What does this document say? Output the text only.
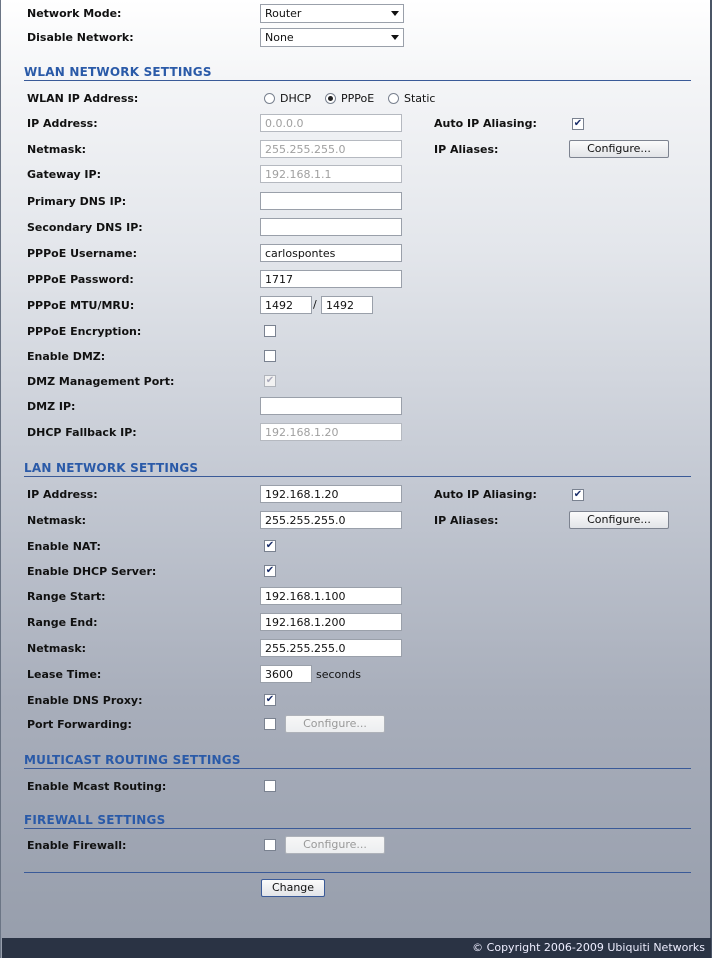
Network Mode:	Router
Disable Network:	None
WLAN NETWORK SETTINGS
WLAN IP Address:	DHCP	PPPoE	Static
IP Address:	0.0.0.0	Auto IP Aliasing:	✔
Netmask:	255.255.255.0	IP Aliases:	Configure...
Gateway IP:	192.168.1.1
Primary DNS IP:
Secondary DNS IP:
PPPoE Username:	carlospontes
PPPoE Password:	1717
PPPoE MTU/MRU:	1492	/ 1492
PPPoE Encryption:
Enable DMZ:
DMZ Management Port:	✔
DMZ IP:
DHCP Fallback IP:	192.168.1.20
LAN NETWORK SETTINGS
IP Address:	192.168.1.20	Auto IP Aliasing:	✔
Netmask:	255.255.255.0	IP Aliases:	Configure...
Enable NAT:	✔
Enable DHCP Server:	✔
Range Start:	192.168.1.100
Range End:	192.168.1.200
Netmask:	255.255.255.0
Lease Time:	3600	seconds
Enable DNS Proxy:	✔
Port Forwarding:	Configure...
MULTICAST ROUTING SETTINGS
Enable Mcast Routing:
FIREWALL SETTINGS
Enable Firewall:	Configure...
Change
© Copyright 2006-2009 Ubiquiti Networks
